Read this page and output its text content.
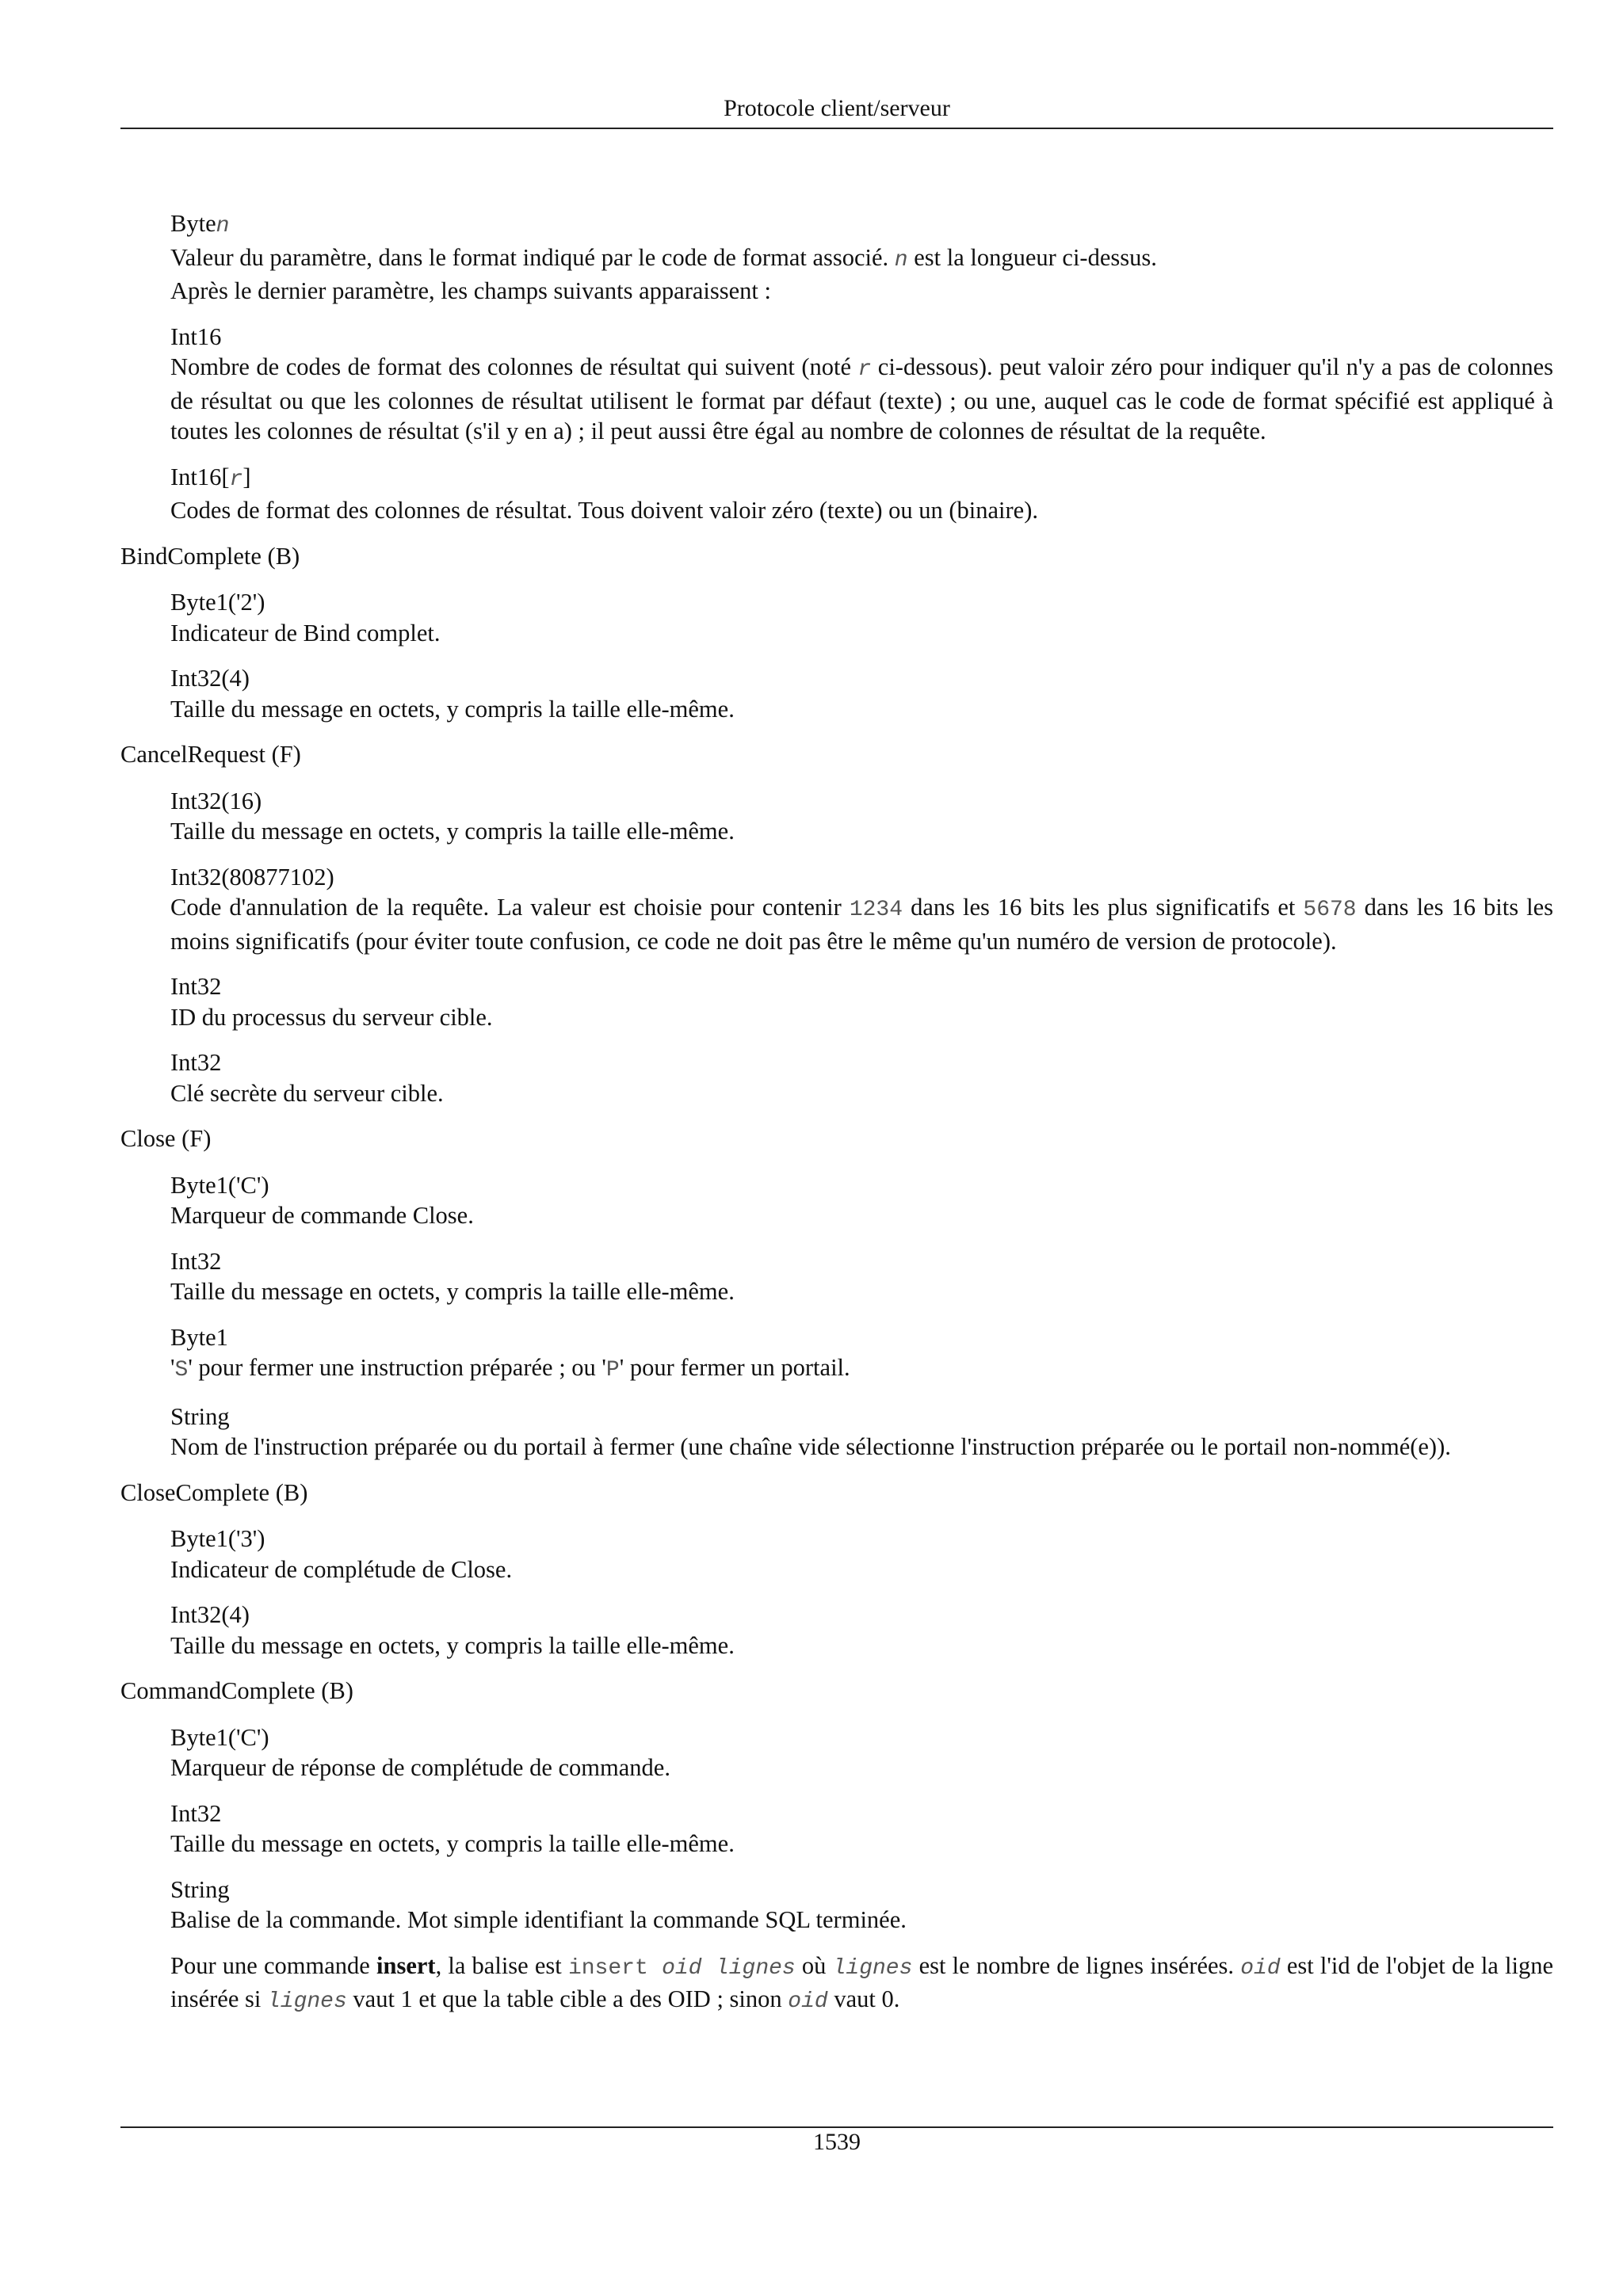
Protocole client/serveur
Byten
Valeur du paramètre, dans le format indiqué par le code de format associé. n est la longueur ci-dessus.
Après le dernier paramètre, les champs suivants apparaissent :
Int16
Nombre de codes de format des colonnes de résultat qui suivent (noté r ci-dessous). peut valoir zéro pour indiquer qu'il n'y a pas de colonnes de résultat ou que les colonnes de résultat utilisent le format par défaut (texte) ; ou une, auquel cas le code de format spécifié est appliqué à toutes les colonnes de résultat (s'il y en a) ; il peut aussi être égal au nombre de colonnes de résultat de la requête.
Int16[r]
Codes de format des colonnes de résultat. Tous doivent valoir zéro (texte) ou un (binaire).
BindComplete (B)
Byte1('2')
Indicateur de Bind complet.
Int32(4)
Taille du message en octets, y compris la taille elle-même.
CancelRequest (F)
Int32(16)
Taille du message en octets, y compris la taille elle-même.
Int32(80877102)
Code d'annulation de la requête. La valeur est choisie pour contenir 1234 dans les 16 bits les plus significatifs et 5678 dans les 16 bits les moins significatifs (pour éviter toute confusion, ce code ne doit pas être le même qu'un numéro de version de protocole).
Int32
ID du processus du serveur cible.
Int32
Clé secrète du serveur cible.
Close (F)
Byte1('C')
Marqueur de commande Close.
Int32
Taille du message en octets, y compris la taille elle-même.
Byte1
'S' pour fermer une instruction préparée ; ou 'P' pour fermer un portail.
String
Nom de l'instruction préparée ou du portail à fermer (une chaîne vide sélectionne l'instruction préparée ou le portail non-nommé(e)).
CloseComplete (B)
Byte1('3')
Indicateur de complétude de Close.
Int32(4)
Taille du message en octets, y compris la taille elle-même.
CommandComplete (B)
Byte1('C')
Marqueur de réponse de complétude de commande.
Int32
Taille du message en octets, y compris la taille elle-même.
String
Balise de la commande. Mot simple identifiant la commande SQL terminée.
Pour une commande insert, la balise est insert oid lignes où lignes est le nombre de lignes insérées. oid est l'id de l'objet de la ligne insérée si lignes vaut 1 et que la table cible a des OID ; sinon oid vaut 0.
1539
